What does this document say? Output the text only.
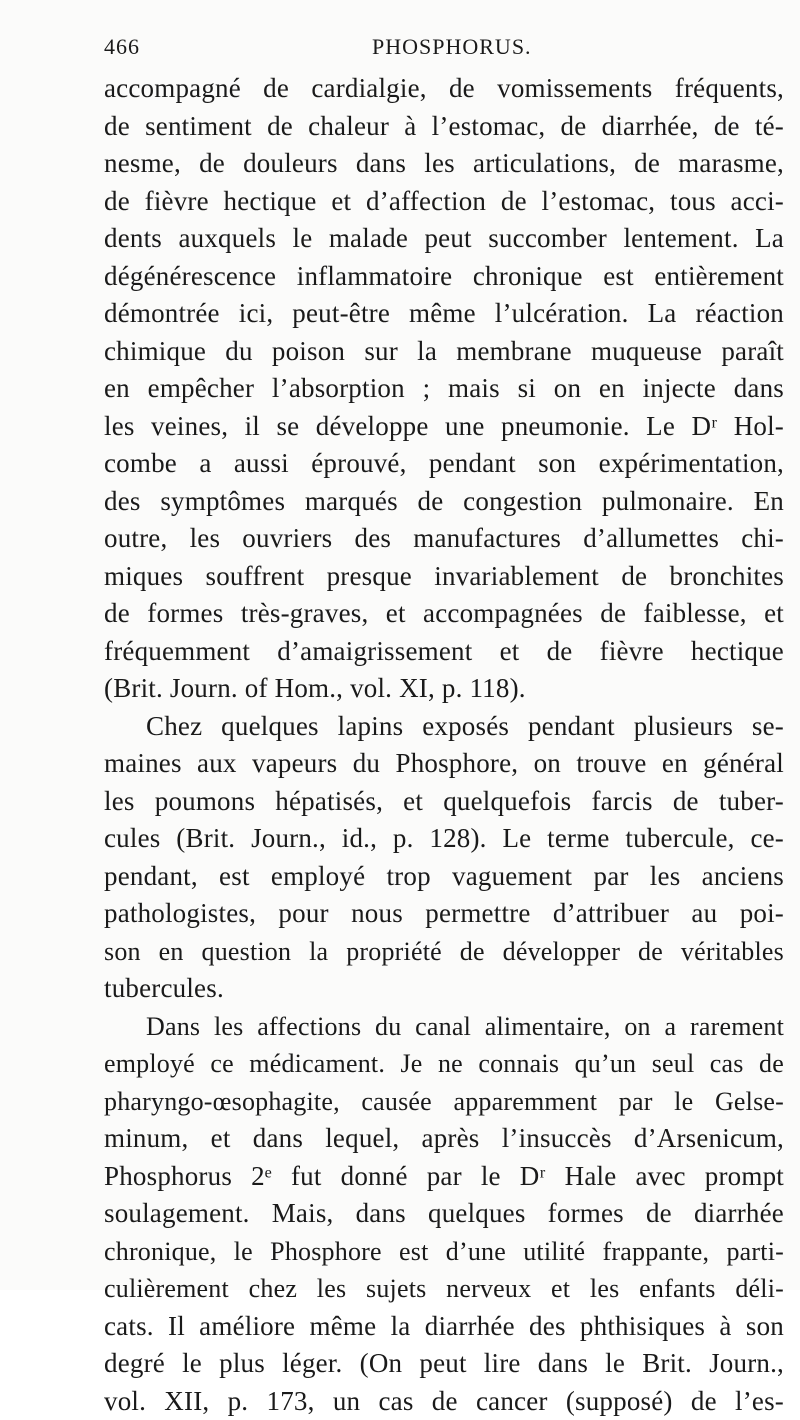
466	PHOSPHORUS.
accompagné de cardialgie, de vomissements fréquents,
de sentiment de chaleur à l’estomac, de diarrhée, de té-
nesme, de douleurs dans les articulations, de marasme,
de fièvre hectique et d’affection de l’estomac, tous acci-
dents auxquels le malade peut succomber lentement. La
dégénérescence inflammatoire chronique est entièrement
démontrée ici, peut-être même l’ulcération. La réaction
chimique du poison sur la membrane muqueuse paraît
en empêcher l’absorption ; mais si on en injecte dans
les veines, il se développe une pneumonie. Le Dʳ Hol-
combe a aussi éprouvé, pendant son expérimentation,
des symptômes marqués de congestion pulmonaire. En
outre, les ouvriers des manufactures d’allumettes chi-
miques souffrent presque invariablement de bronchites
de formes très-graves, et accompagnées de faiblesse, et
fréquemment d’amaigrissement et de fièvre hectique
(Brit. Journ. of Hom., vol. XI, p. 118).
Chez quelques lapins exposés pendant plusieurs se-
maines aux vapeurs du Phosphore, on trouve en général
les poumons hépatisés, et quelquefois farcis de tuber-
cules (Brit. Journ., id., p. 128). Le terme tubercule, ce-
pendant, est employé trop vaguement par les anciens
pathologistes, pour nous permettre d’attribuer au poi-
son en question la propriété de développer de véritables
tubercules.
Dans les affections du canal alimentaire, on a rarement
employé ce médicament. Je ne connais qu’un seul cas de
pharyngo-œsophagite, causée apparemment par le Gelse-
minum, et dans lequel, après l’insuccès d’Arsenicum,
Phosphorus 2ᵉ fut donné par le Dʳ Hale avec prompt
soulagement. Mais, dans quelques formes de diarrhée
chronique, le Phosphore est d’une utilité frappante, parti-
culièrement chez les sujets nerveux et les enfants déli-
cats. Il améliore même la diarrhée des phthisiques à son
degré le plus léger. (On peut lire dans le Brit. Journ.,
vol. XII, p. 173, un cas de cancer (supposé) de l’es-
